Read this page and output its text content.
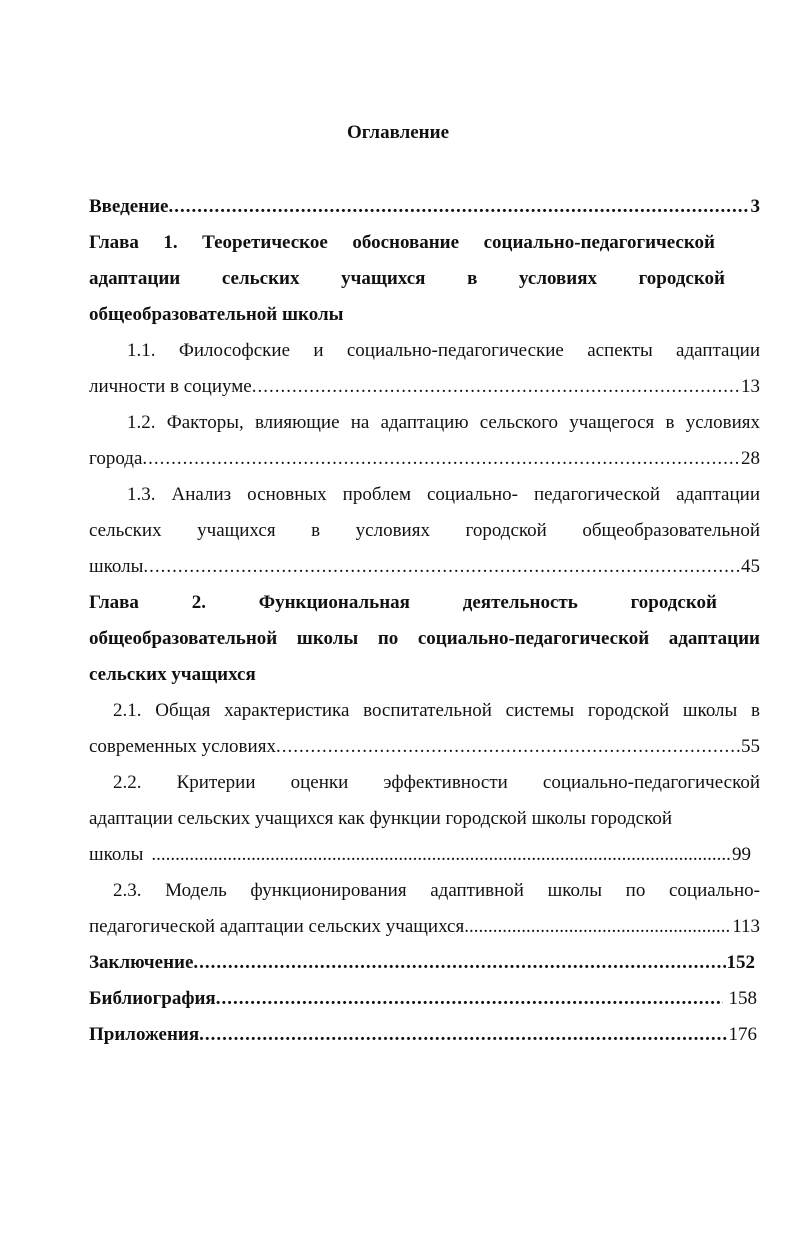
Оглавление
Введение .....	3
Глава 1. Теоретическое обоснование социально-педагогической
адаптации сельских учащихся в условиях городской
общеобразовательной школы
1.1. Философские и социально-педагогические аспекты адаптации
личности в социуме .....	13
1.2. Факторы, влияющие на адаптацию сельского учащегося в условиях
города .....	28
1.3. Анализ основных проблем социально- педагогической адаптации
сельских учащихся в условиях городской общеобразовательной
школы .....	45
Глава 2. Функциональная деятельность городской
общеобразовательной школы по социально-педагогической адаптации
сельских учащихся
2.1. Общая характеристика воспитательной системы городской школы в
современных условиях .....	55
2.2. Критерии оценки эффективности социально-педагогической
адаптации сельских учащихся как функции городской школы городской
школы .....	99
2.3. Модель функционирования адаптивной школы по социально-
педагогической адаптации сельских учащихся .....	113
Заключение .....	152
Библиография .....	158
Приложения .....	176
